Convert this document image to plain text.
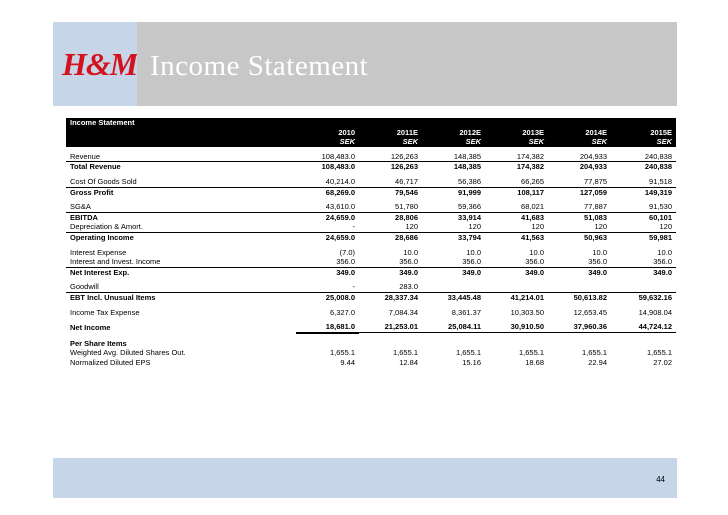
H&M Income Statement
Income Statement						
	2010	2011E	2012E	2013E	2014E	2015E
	SEK	SEK	SEK	SEK	SEK	SEK

Revenue	108,483.0	126,263	148,385	174,382	204,933	240,838
Total Revenue	108,483.0	126,263	148,385	174,382	204,933	240,838

Cost Of Goods Sold	40,214.0	46,717	56,386	66,265	77,875	91,518
Gross Profit	68,269.0	79,546	91,999	108,117	127,059	149,319

SG&A	43,610.0	51,780	59,366	68,021	77,887	91,530
EBITDA	24,659.0	28,806	33,914	41,683	51,083	60,101
Depreciation & Amort.	-	120	120	120	120	120
Operating Income	24,659.0	28,686	33,794	41,563	50,963	59,981

Interest Expense	(7.0)	10.0	10.0	10.0	10.0	10.0
Interest and Invest. Income	356.0	356.0	356.0	356.0	356.0	356.0
Net Interest Exp.	349.0	349.0	349.0	349.0	349.0	349.0

Goodwill	-	283.0				
EBT Incl. Unusual Items	25,008.0	28,337.34	33,445.48	41,214.01	50,613.82	59,632.16

Income Tax Expense	6,327.0	7,084.34	8,361.37	10,303.50	12,653.45	14,908.04

Net Income	18,681.0	21,253.01	25,084.11	30,910.50	37,960.36	44,724.12

Per Share Items						
Weighted Avg. Diluted Shares Out.	1,655.1	1,655.1	1,655.1	1,655.1	1,655.1	1,655.1
Normalized Diluted EPS	9.44	12.84	15.16	18.68	22.94	27.02
44
